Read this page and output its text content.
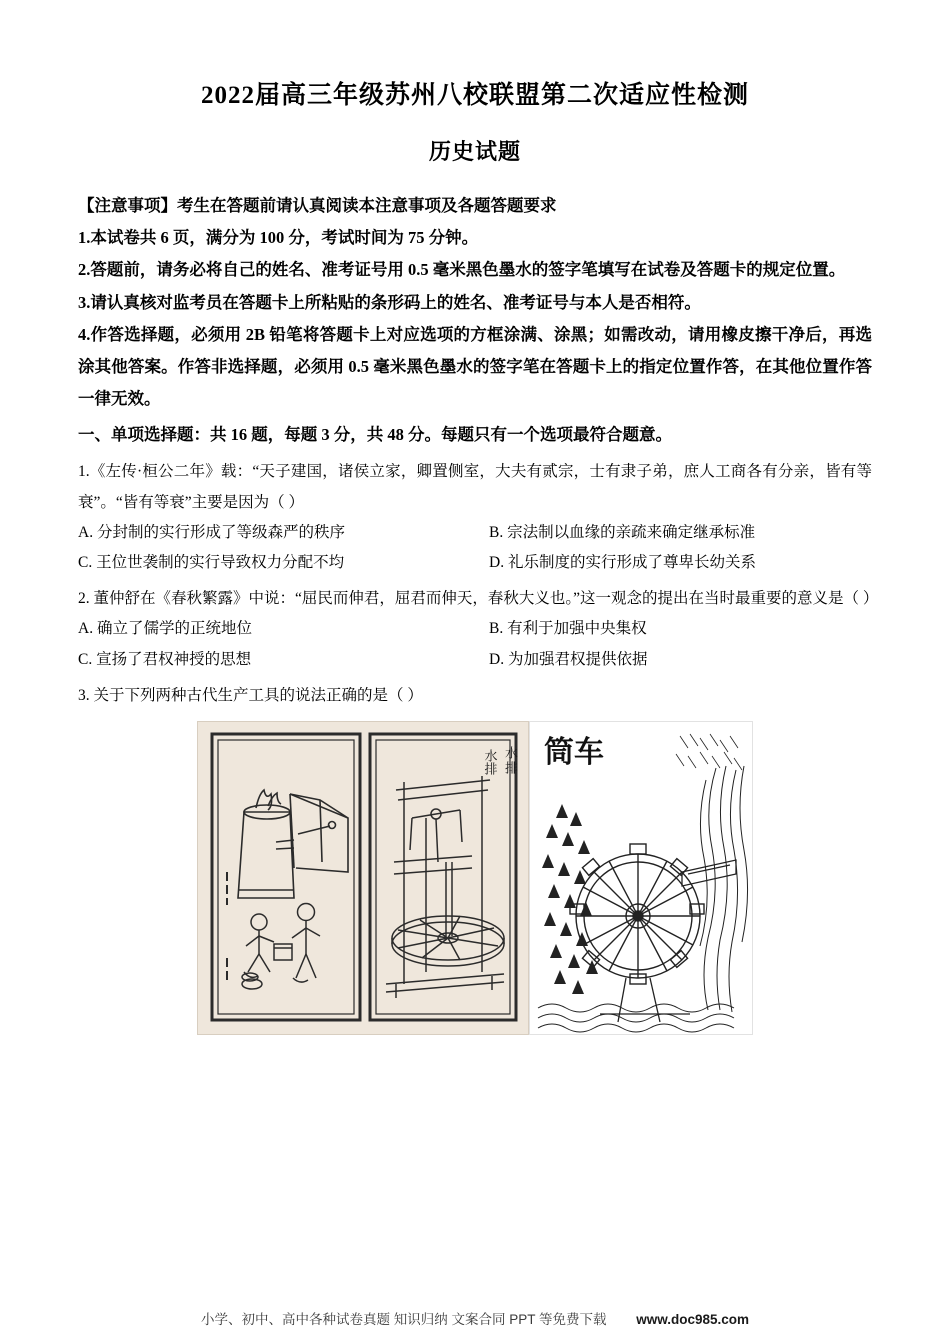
2022届高三年级苏州八校联盟第二次适应性检测
历史试题

【注意事项】考生在答题前请认真阅读本注意事项及各题答题要求

1.本试卷共 6 页，满分为 100 分，考试时间为 75 分钟。

2.答题前，请务必将自己的姓名、准考证号用 0.5 毫米黑色墨水的签字笔填写在试卷及答题卡的规定位置。

3.请认真核对监考员在答题卡上所粘贴的条形码上的姓名、准考证号与本人是否相符。

4.作答选择题，必须用 2B 铅笔将答题卡上对应选项的方框涂满、涂黑；如需改动，请用橡皮擦干净后，再选涂其他答案。作答非选择题，必须用 0.5 毫米黑色墨水的签字笔在答题卡上的指定位置作答，在其他位置作答一律无效。

一、单项选择题：共 16 题，每题 3 分，共 48 分。每题只有一个选项最符合题意。

1.《左传·桓公二年》载：“天子建国，诸侯立家，卿置侧室，大夫有贰宗，士有隶子弟，庶人工商各有分亲，皆有等衰”。“皆有等衰”主要是因为（ ）

A. 分封制的实行形成了等级森严的秩序	B. 宗法制以血缘的亲疏来确定继承标准
C. 王位世袭制的实行导致权力分配不均	D. 礼乐制度的实行形成了尊卑长幼关系

2. 董仲舒在《春秋繁露》中说：“屈民而伸君，屈君而伸天，春秋大义也。”这一观念的提出在当时最重要的意义是（ ）

A. 确立了儒学的正统地位	B. 有利于加强中央集权
C. 宣扬了君权神授的思想	D. 为加强君权提供依据

3. 关于下列两种古代生产工具的说法正确的是（ ）

水排 水排 筒车
小学、初中、高中各种试卷真题 知识归纳 文案合同 PPT 等免费下载 www.doc985.com
